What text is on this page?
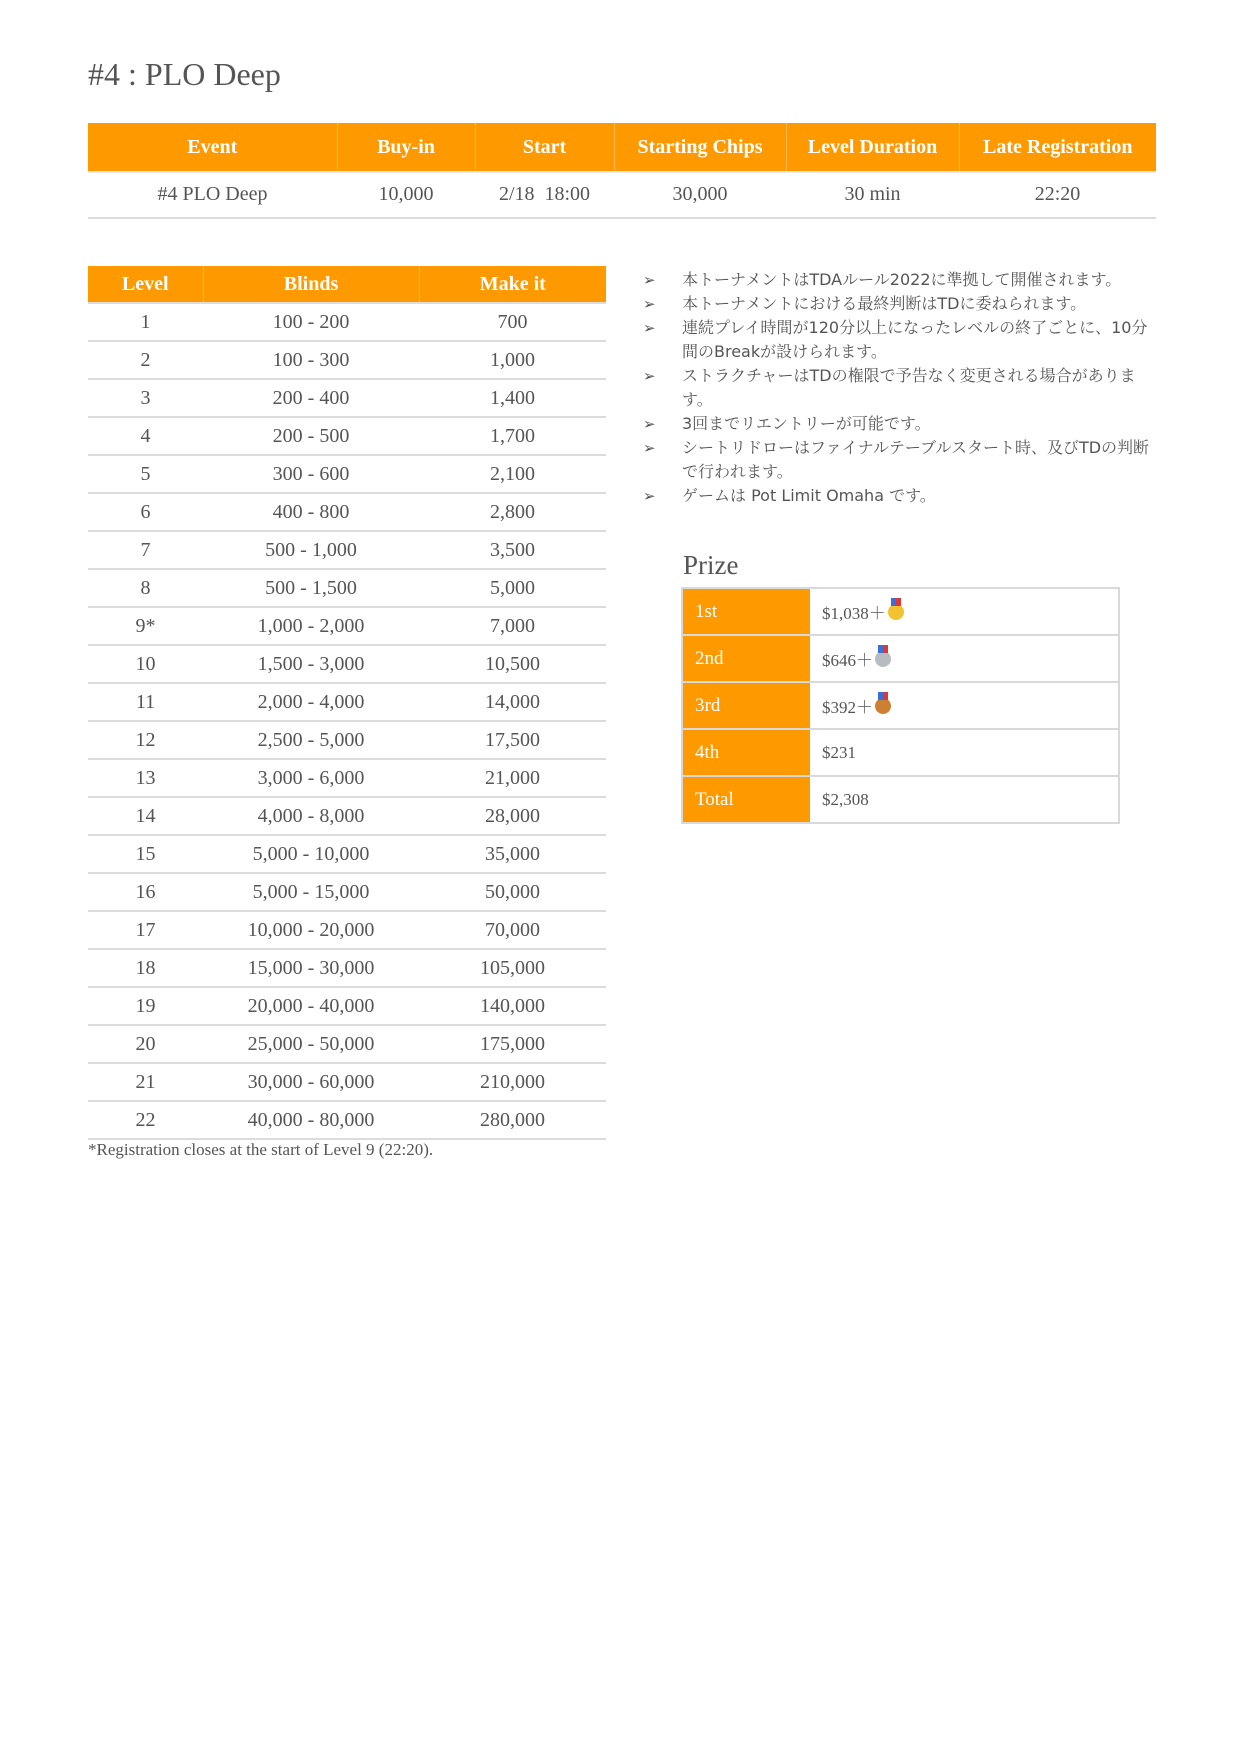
#4 : PLO Deep
Event	Buy-in	Start	Starting Chips	Level Duration	Late Registration
#4 PLO Deep	10,000	2/18  18:00	30,000	30 min	22:20
Level	Blinds	Make it
1	100 - 200	700
2	100 - 300	1,000
3	200 - 400	1,400
4	200 - 500	1,700
5	300 - 600	2,100
6	400 - 800	2,800
7	500 - 1,000	3,500
8	500 - 1,500	5,000
9*	1,000 - 2,000	7,000
10	1,500 - 3,000	10,500
11	2,000 - 4,000	14,000
12	2,500 - 5,000	17,500
13	3,000 - 6,000	21,000
14	4,000 - 8,000	28,000
15	5,000 - 10,000	35,000
16	5,000 - 15,000	50,000
17	10,000 - 20,000	70,000
18	15,000 - 30,000	105,000
19	20,000 - 40,000	140,000
20	25,000 - 50,000	175,000
21	30,000 - 60,000	210,000
22	40,000 - 80,000	280,000
*Registration closes at the start of Level 9 (22:20).
➢ 本トーナメントはTDAルール2022に準拠して開催されます。
➢ 本トーナメントにおける最終判断はTDに委ねられます。
➢ 連続プレイ時間が120分以上になったレベルの終了ごとに、10分間のBreakが設けられます。
➢ ストラクチャーはTDの権限で予告なく変更される場合があります。
➢ 3回までリエントリーが可能です。
➢ シートリドローはファイナルテーブルスタート時、及びTDの判断で行われます。
➢ ゲームは Pot Limit Omaha です。
Prize
1st	$1,038＋
2nd	$646＋
3rd	$392＋
4th	$231
Total	$2,308
